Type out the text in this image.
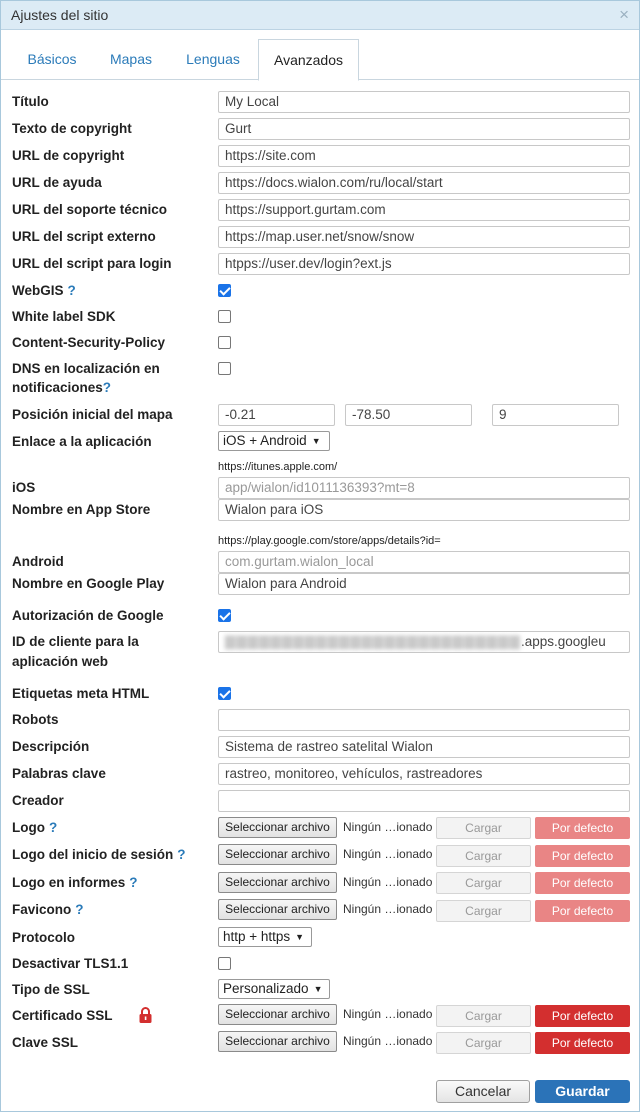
Ajustes del sitio	×
Básicos	Mapas	Lenguas	Avanzados
Título	My Local
Texto de copyright	Gurt
URL de copyright	https://site.com
URL de ayuda	https://docs.wialon.com/ru/local/start
URL del soporte técnico	https://support.gurtam.com
URL del script externo	https://map.user.net/snow/snow
URL del script para login	htpps://user.dev/login?ext.js
WebGIS ?
White label SDK
Content-Security-Policy
DNS en localización en
notificaciones?
Posición inicial del mapa	-0.21	-78.50	9
Enlace a la aplicación	iOS + Android ▼
https://itunes.apple.com/
iOS	app/wialon/id1011136393?mt=8
Nombre en App Store	Wialon para iOS
https://play.google.com/store/apps/details?id=
Android	com.gurtam.wialon_local
Nombre en Google Play	Wialon para Android
Autorización de Google
ID de cliente para la
aplicación web
▇▇▇▇▇▇▇▇▇▇▇▇▇▇▇▇▇▇▇▇▇▇▇▇▇▇.apps.googleu
Etiquetas meta HTML
Robots
Descripción	Sistema de rastreo satelital Wialon
Palabras clave	rastreo, monitoreo, vehículos, rastreadores
Creador
Logo ?	Seleccionar archivo	Ningún …ionado	Cargar	Por defecto
Logo del inicio de sesión ?	Seleccionar archivo	Ningún …ionado	Cargar	Por defecto
Logo en informes ?	Seleccionar archivo	Ningún …ionado	Cargar	Por defecto
Favicono ?	Seleccionar archivo	Ningún …ionado	Cargar	Por defecto
Protocolo	http + https ▼
Desactivar TLS1.1
Tipo de SSL	Personalizado ▼
Certificado SSL	Seleccionar archivo	Ningún …ionado	Cargar	Por defecto
Clave SSL	Seleccionar archivo	Ningún …ionado	Cargar	Por defecto
Cancelar	Guardar
